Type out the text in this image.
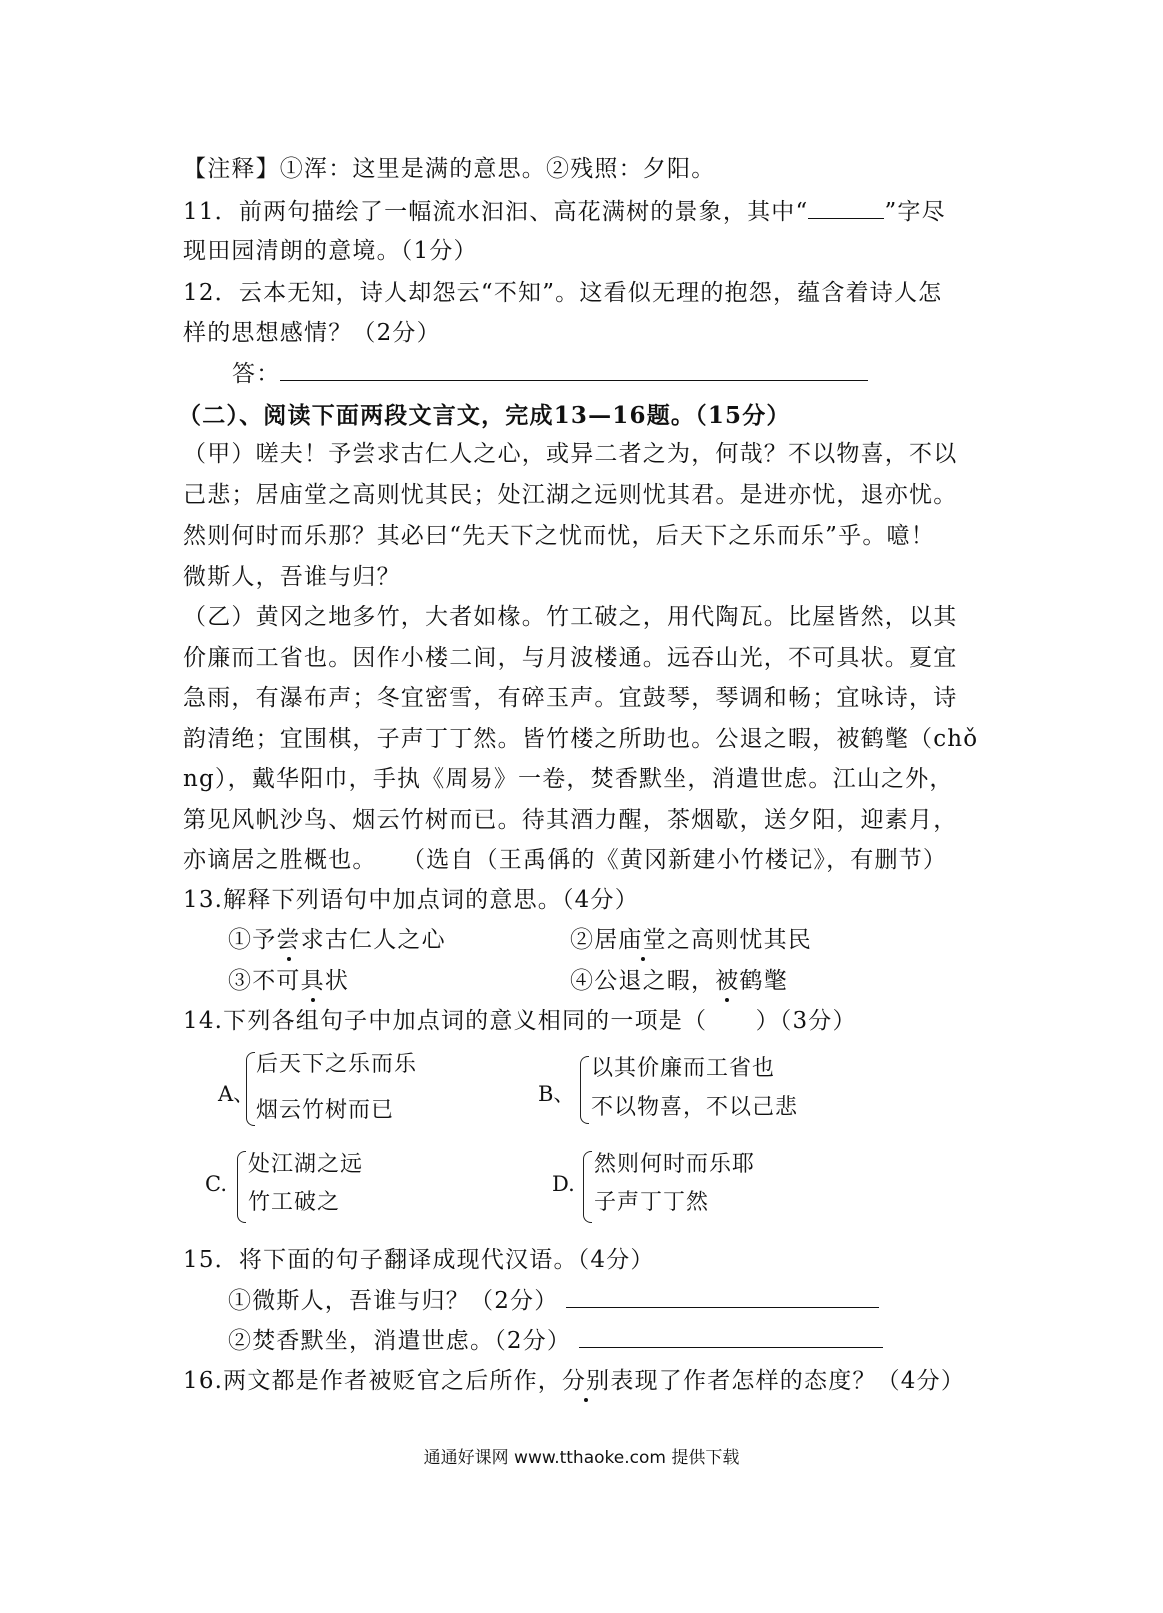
【注释】①浑：这里是满的意思。②残照：夕阳。
11．前两句描绘了一幅流水汩汩、高花满树的景象，其中“	”字尽
现田园清朗的意境。（1分）
12．云本无知，诗人却怨云“不知”。这看似无理的抱怨，蕴含着诗人怎
样的思想感情？（2分）
答：
（二）、阅读下面两段文言文，完成13—16题。（15分）
（甲）嗟夫！予尝求古仁人之心，或异二者之为，何哉？不以物喜，不以
己悲；居庙堂之高则忧其民；处江湖之远则忧其君。是进亦忧，退亦忧。
然则何时而乐那？其必曰“先天下之忧而忧，后天下之乐而乐”乎。噫！
微斯人，吾谁与归？
（乙）黄冈之地多竹，大者如椽。竹工破之，用代陶瓦。比屋皆然，以其
价廉而工省也。因作小楼二间，与月波楼通。远吞山光，不可具状。夏宜
急雨，有瀑布声；冬宜密雪，有碎玉声。宜鼓琴，琴调和畅；宜咏诗，诗
韵清绝；宜围棋，子声丁丁然。皆竹楼之所助也。公退之暇，被鹤氅（chǒ
ng），戴华阳巾，手执《周易》一卷，焚香默坐，消遣世虑。江山之外，
第见风帆沙鸟、烟云竹树而已。待其酒力醒，茶烟歇，送夕阳，迎素月，
亦谪居之胜概也。　　（选自（王禹偁的《黄冈新建小竹楼记》，有删节）
13.解释下列语句中加点词的意思。（4分）
①予尝求古仁人之心	②居庙堂之高则忧其民
③不可具状	④公退之暇，被鹤氅
14.下列各组句子中加点词的意义相同的一项是（　　）（3分）
A、
后天下之乐而乐
烟云竹树而已
B、
以其价廉而工省也
不以物喜，不以己悲
C.
处江湖之远
竹工破之
D.
然则何时而乐耶
子声丁丁然
15．将下面的句子翻译成现代汉语。（4分）
①微斯人，吾谁与归？（2分）
②焚香默坐，消遣世虑。（2分）
16.两文都是作者被贬官之后所作，分别表现了作者怎样的态度？（4分）
通通好课网 www.tthaoke.com 提供下载
